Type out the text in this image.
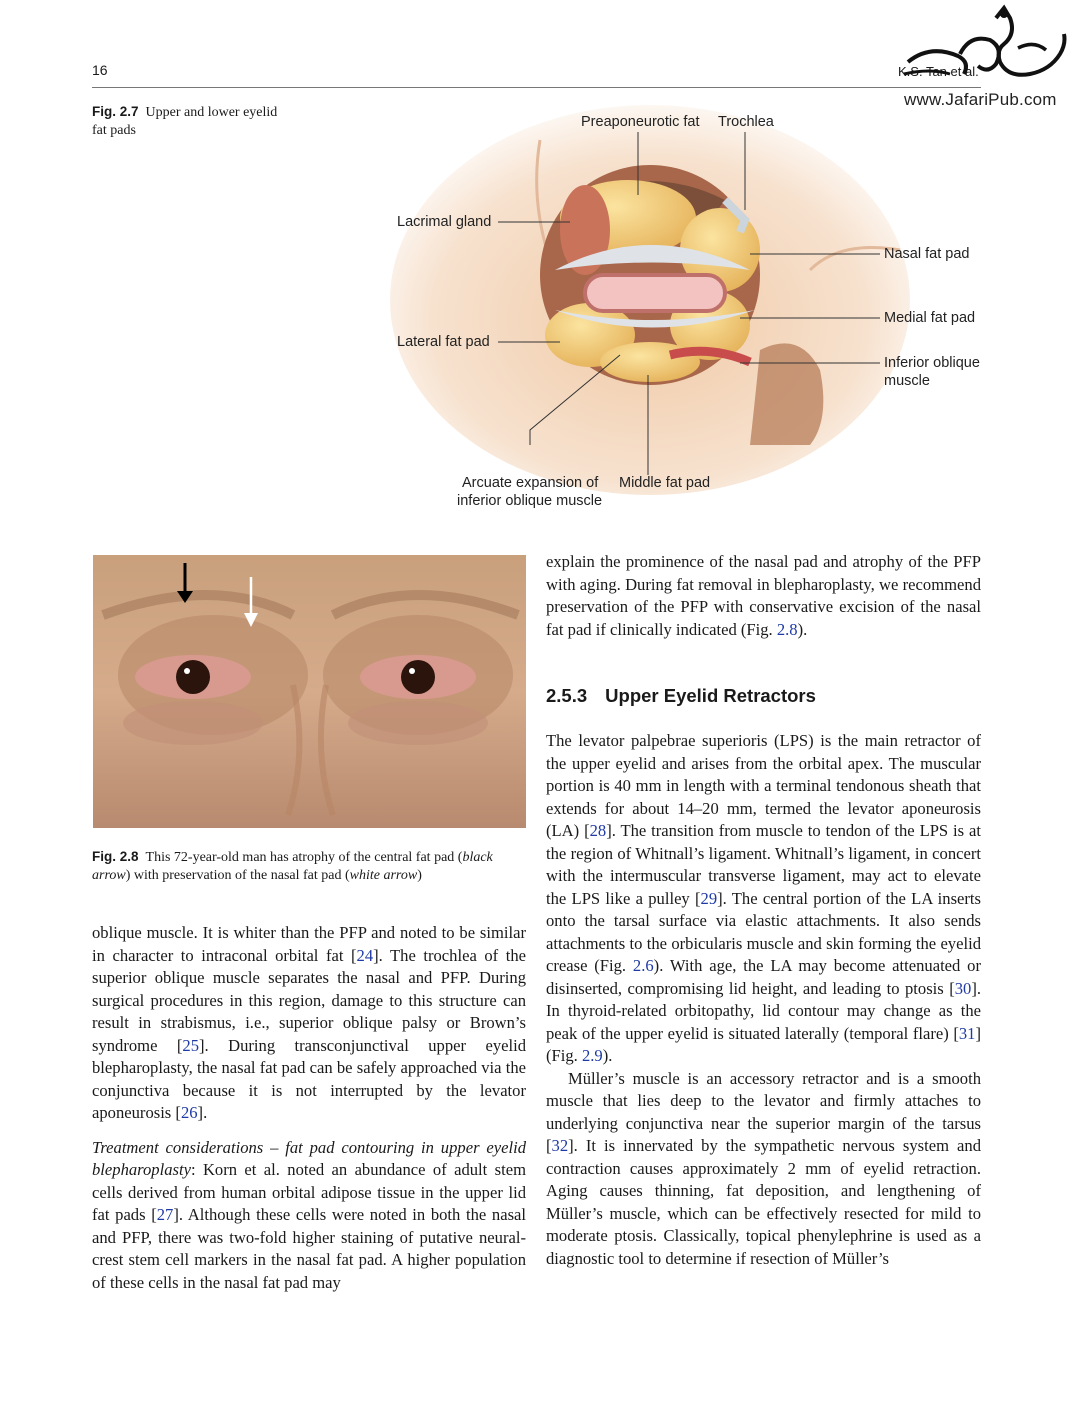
16	K.S. Tan et al.
www.JafariPub.com
Fig. 2.7 Upper and lower eyelid fat pads
Preaponeurotic fat Trochlea
Lacrimal gland
Nasal fat pad
Medial fat pad
Lateral fat pad
Inferior oblique
muscle
Arcuate expansion of
inferior oblique muscle
Middle fat pad
Fig. 2.8 This 72-year-old man has atrophy of the central fat pad (black arrow) with preservation of the nasal fat pad (white arrow)

oblique muscle. It is whiter than the PFP and noted to be similar in character to intraconal orbital fat [24]. The trochlea of the superior oblique muscle separates the nasal and PFP. During surgical procedures in this region, damage to this structure can result in strabismus, i.e., superior oblique palsy or Brown’s syndrome [25]. During transconjunctival upper eyelid blepharoplasty, the nasal fat pad can be safely approached via the conjunctiva because it is not interrupted by the levator aponeurosis [26].

Treatment considerations – fat pad contouring in upper eyelid blepharoplasty: Korn et al. noted an abundance of adult stem cells derived from human orbital adipose tissue in the upper lid fat pads [27]. Although these cells were noted in both the nasal and PFP, there was two-fold higher staining of putative neural-crest stem cell markers in the nasal fat pad. A higher population of these cells in the nasal fat pad may

explain the prominence of the nasal pad and atrophy of the PFP with aging. During fat removal in blepharoplasty, we recommend preservation of the PFP with conservative excision of the nasal fat pad if clinically indicated (Fig. 2.8).

2.5.3 Upper Eyelid Retractors

The levator palpebrae superioris (LPS) is the main retractor of the upper eyelid and arises from the orbital apex. The muscular portion is 40 mm in length with a terminal tendonous sheath that extends for about 14–20 mm, termed the levator aponeurosis (LA) [28]. The transition from muscle to tendon of the LPS is at the region of Whitnall’s ligament. Whitnall’s ligament, in concert with the intermuscular transverse ligament, may act to elevate the LPS like a pulley [29]. The central portion of the LA inserts onto the tarsal surface via elastic attachments. It also sends attachments to the orbicularis muscle and skin forming the eyelid crease (Fig. 2.6). With age, the LA may become attenuated or disinserted, compromising lid height, and leading to ptosis [30]. In thyroid-related orbitopathy, lid contour may change as the peak of the upper eyelid is situated laterally (temporal flare) [31] (Fig. 2.9).

Müller’s muscle is an accessory retractor and is a smooth muscle that lies deep to the levator and firmly attaches to underlying conjunctiva near the superior margin of the tarsus [32]. It is innervated by the sympathetic nervous system and contraction causes approximately 2 mm of eyelid retraction. Aging causes thinning, fat deposition, and lengthening of Müller’s muscle, which can be effectively resected for mild to moderate ptosis. Classically, topical phenylephrine is used as a diagnostic tool to determine if resection of Müller’s
